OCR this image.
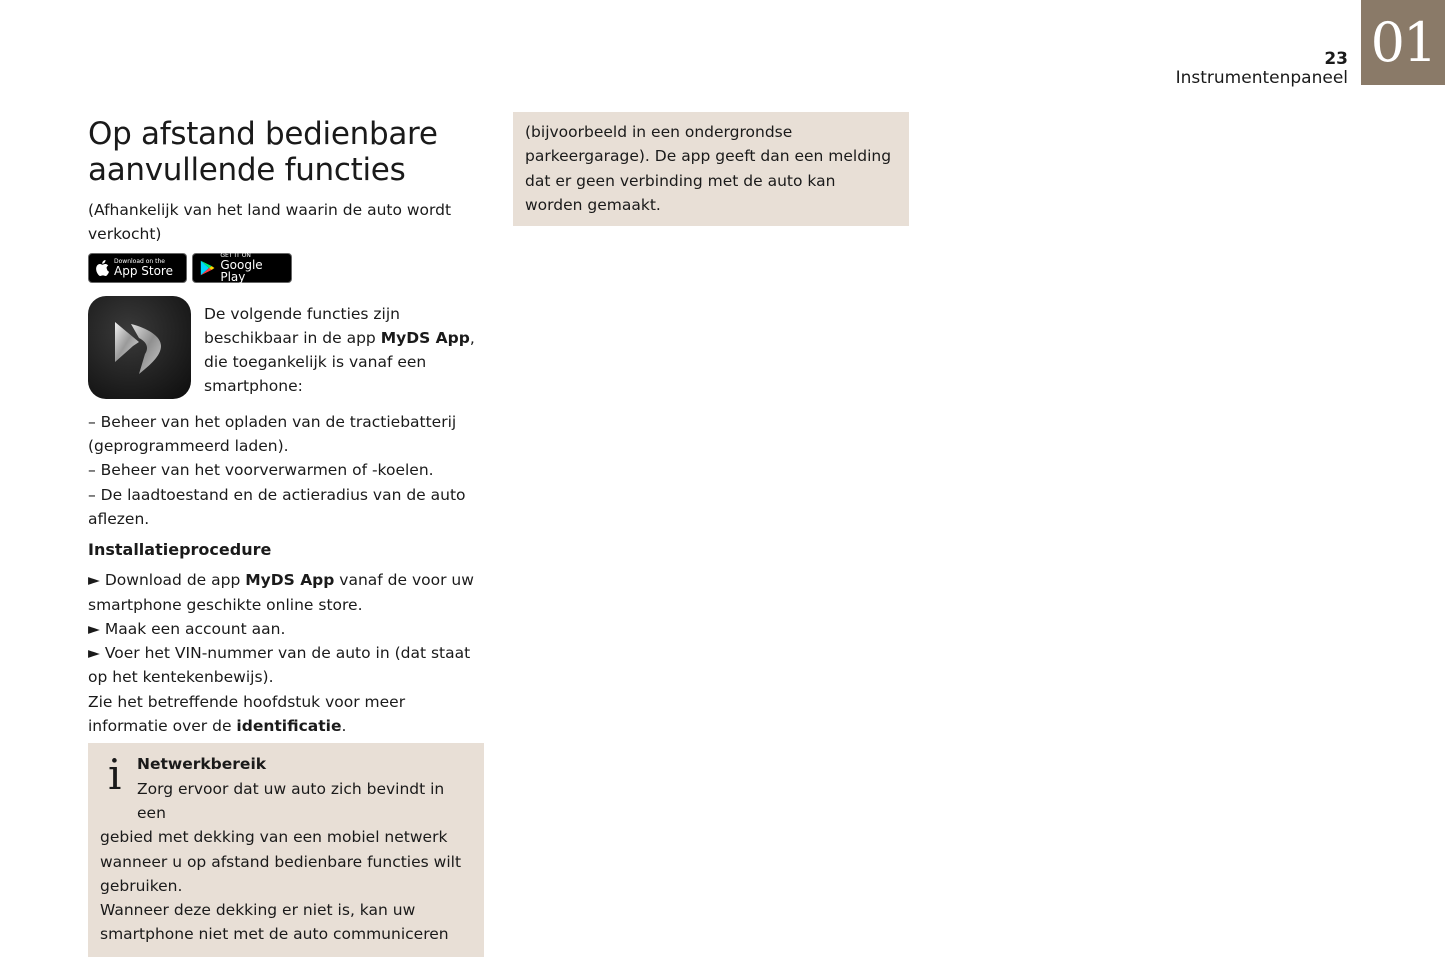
01
23
Instrumentenpaneel
Op afstand bedienbare
aanvullende functies

(Afhankelijk van het land waarin de auto wordt verkocht)

Download on the
App Store
GET IT ON
Google Play

De volgende functies zijn beschikbaar in de app MyDS App, die toegankelijk is vanaf een smartphone:

– Beheer van het opladen van de tractiebatterij (geprogrammeerd laden).

– Beheer van het voorverwarmen of -koelen.

– De laadtoestand en de actieradius van de auto aflezen.

Installatieprocedure

► Download de app MyDS App vanaf de voor uw smartphone geschikte online store.

► Maak een account aan.

► Voer het VIN-nummer van de auto in (dat staat op het kentekenbewijs).

Zie het betreffende hoofdstuk voor meer informatie over de identificatie.

i	Netwerkbereik

Zorg ervoor dat uw auto zich bevindt in een

gebied met dekking van een mobiel netwerk wanneer u op afstand bedienbare functies wilt gebruiken.

Wanneer deze dekking er niet is, kan uw smartphone niet met de auto communiceren

(bijvoorbeeld in een ondergrondse parkeergarage). De app geeft dan een melding dat er geen verbinding met de auto kan worden gemaakt.
